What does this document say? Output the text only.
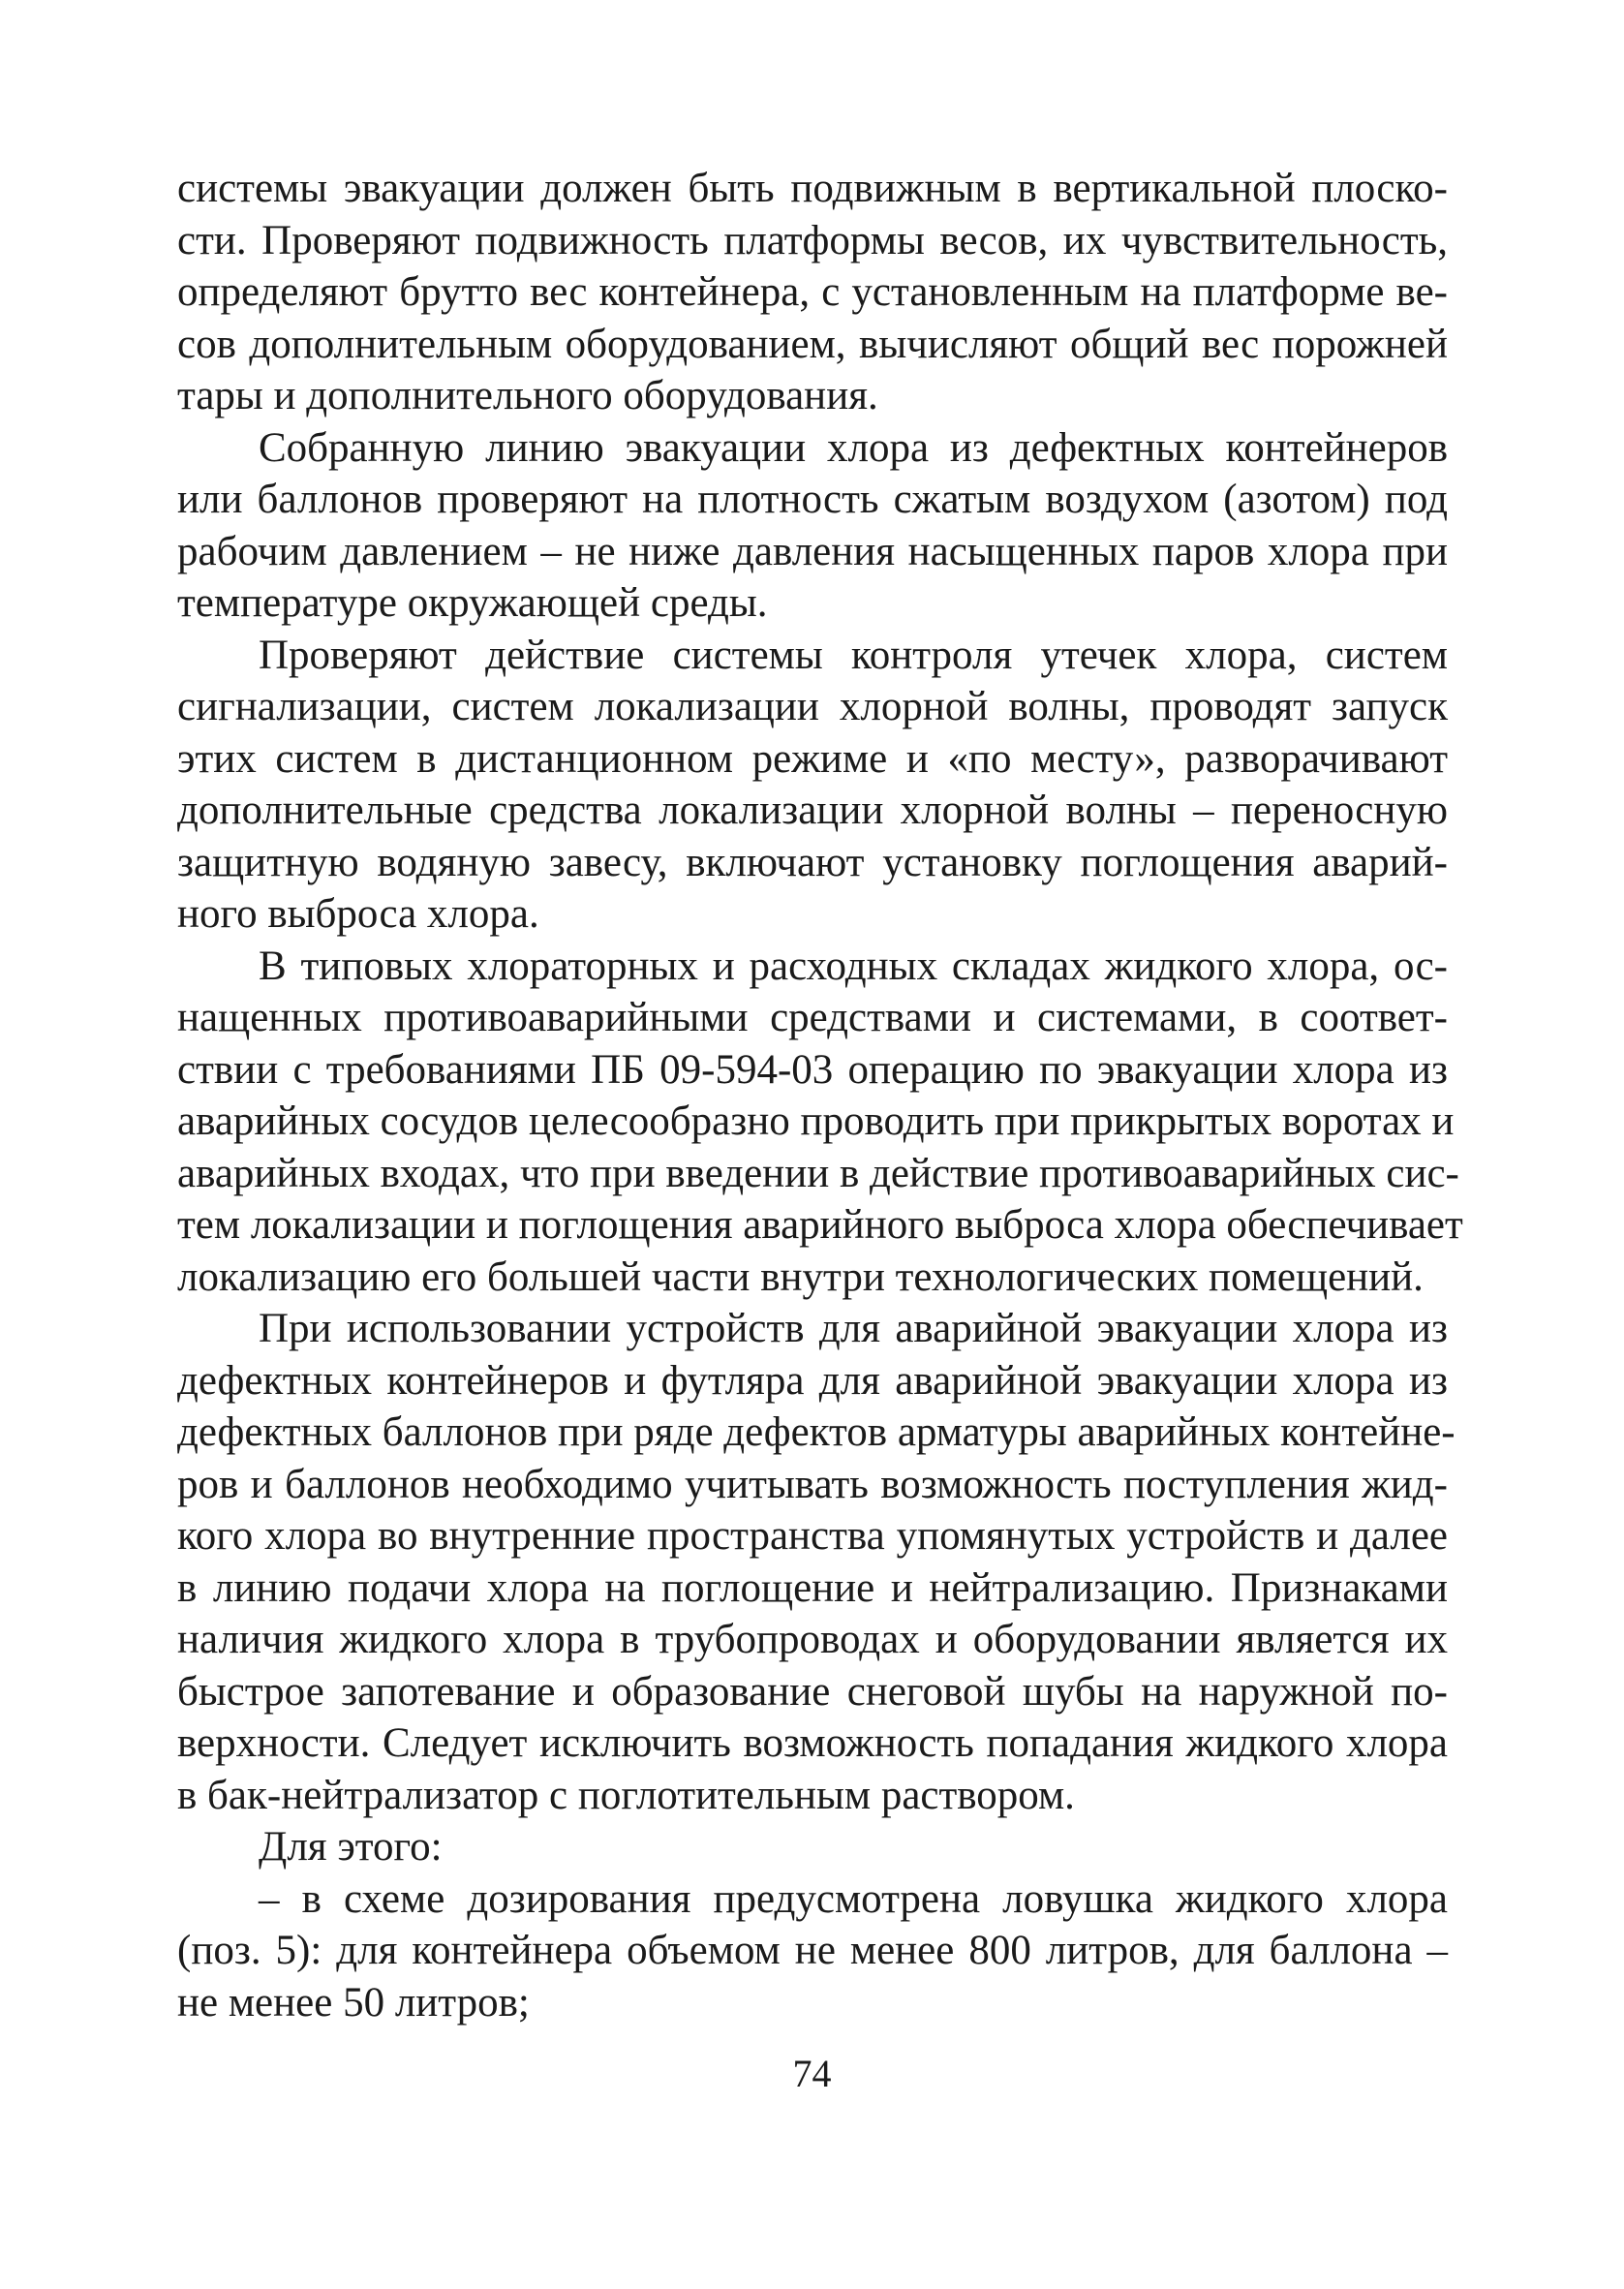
системы эвакуации должен быть подвижным в вертикальной плоско-
сти. Проверяют подвижность платформы весов, их чувствительность,
определяют брутто вес контейнера, с установленным на платформе ве-
сов дополнительным оборудованием, вычисляют общий вес порожней
тары и дополнительного оборудования.

Собранную линию эвакуации хлора из дефектных контейнеров
или баллонов проверяют на плотность сжатым воздухом (азотом) под
рабочим давлением – не ниже давления насыщенных паров хлора при
температуре окружающей среды.

Проверяют действие системы контроля утечек хлора, систем
сигнализации, систем локализации хлорной волны, проводят запуск
этих систем в дистанционном режиме и «по месту», разворачивают
дополнительные средства локализации хлорной волны – переносную
защитную водяную завесу, включают установку поглощения аварий-
ного выброса хлора.

В типовых хлораторных и расходных складах жидкого хлора, ос-
нащенных противоаварийными средствами и системами, в соответ-
ствии с требованиями ПБ 09-594-03 операцию по эвакуации хлора из
аварийных сосудов целесообразно проводить при прикрытых воротах и
аварийных входах, что при введении в действие противоаварийных сис-
тем локализации и поглощения аварийного выброса хлора обеспечивает
локализацию его большей части внутри технологических помещений.

При использовании устройств для аварийной эвакуации хлора из
дефектных контейнеров и футляра для аварийной эвакуации хлора из
дефектных баллонов при ряде дефектов арматуры аварийных контейне-
ров и баллонов необходимо учитывать возможность поступления жид-
кого хлора во внутренние пространства упомянутых устройств и далее
в линию подачи хлора на поглощение и нейтрализацию. Признаками
наличия жидкого хлора в трубопроводах и оборудовании является их
быстрое запотевание и образование снеговой шубы на наружной по-
верхности. Следует исключить возможность попадания жидкого хлора
в бак-нейтрализатор с поглотительным раствором.

Для этого:

– в схеме дозирования предусмотрена ловушка жидкого хлора
(поз. 5): для контейнера объемом не менее 800 литров, для баллона –
не менее 50 литров;

74
